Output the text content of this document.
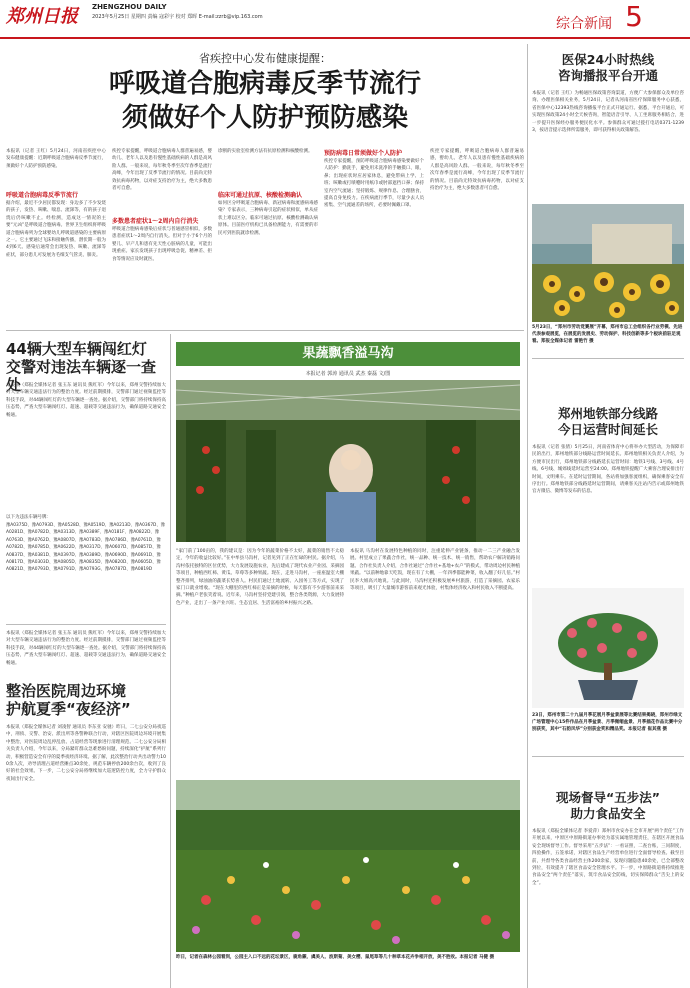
郑州日报 ZHENGZHOU DAILY
2023年5月25日 星期四 责编 寇彩宇 校对 郑晖 E-mail:zzrb@vip.163.com	综合新闻 5
省疾控中心发布健康提醒：
呼吸道合胞病毒反季节流行
须做好个人防护预防感染
本报讯（记者 王红）5月24日，河南省疾控中心发布健康提醒：近期呼吸道合胞病毒反季节流行，须做好个人防护预防感染。
呼吸道合胞病毒反季节流行
据介绍，最近不少居民都发现：身边多了不少发烧的孩子，发热、咳嗽、喘息、流涕等，有的孩子退烧后仍咳嗽不止。经检测，造成这一情况的主要“元凶”是呼吸道合胞病毒。世界卫生组织将呼吸道合胞病毒列为全球婴幼儿呼吸道感染的主要病原之一。它主要通过飞沫和接触传播，潜伏期一般为4到6天。感染后通常会出现发热、咳嗽、流涕等症状，部分患儿可发展为毛细支气管炎、肺炎。
疾控专家提醒，呼吸道合胞病毒人群普遍易感，婴幼儿、老年人以及患有慢性基础疾病的人群是高风险人群。一般来说，每年秋冬季至次年春季是流行高峰，今年出现了反季节流行的情况。目前尚无特效抗病毒药物，以对症支持治疗为主，绝大多数患者可自愈。
多数患者症状1～2周内自行消失
呼吸道合胞病毒感染后症状与普通感冒相似，多数患者症状1～2周内自行消失。但对于小于6个月的婴儿、早产儿和患有先天性心脏病的儿童，可能出现重症。家长发现孩子出现呼吸急促、精神差、拒食等情况应及时就医。
诊断的实验室检测方法有抗原检测和核酸检测。
临床可通过抗原、核酸检测确认
如何区分呼吸道合胞病毒、新冠病毒和流感病毒感染？专家表示，三种病毒引起的症状相似，单从症状上难以区分。临床可通过抗原、核酸检测确认病原体。目前医疗机构已具备检测能力，有需要的市民可到医院就诊检测。
预防病毒日常须做好个人防护
疾控专家提醒，预防呼吸道合胞病毒感染要做好个人防护：勤洗手，避免用未洗净的手触摸口、眼、鼻；出现症状时应居家休息，避免带病上学、上班；咳嗽或打喷嚏时用纸巾或肘部遮挡口鼻；保持室内空气流通；坚持锻炼、规律作息、合理膳食，提高自身免疫力。在疾病流行季节，尽量少去人员密集、空气流通差的场所，必要时佩戴口罩。
疾控专家提醒，呼吸道合胞病毒人群普遍易感，婴幼儿、老年人以及患有慢性基础疾病的人群是高风险人群。一般来说，每年秋冬季至次年春季是流行高峰，今年出现了反季节流行的情况。目前尚无特效抗病毒药物，以对症支持治疗为主，绝大多数患者可自愈。
医保24小时热线
咨询播报平台开通
本报讯（记者 王红）为畅通医保政策咨询渠道，方便广大参保群众及单位咨询、办理医保相关业务，5月24日，记者从河南省医疗保障服务中心获悉，省医保中心12393热线咨询播报平台正式开通运行。据悉，平台开通后，可实现医保政策24小时全天候咨询，智能语音引导、人工坐席服务相结合，进一步提升医保经办服务便民化水平。参保群众可通过拨打电话0371-12393，按语音提示选择所需服务，即可获得相关政策解答。
5月23日，“郑州市劳动竞赛展”开幕，郑州市总工会组织各行业劳模、先进代表参观展览，在展览的发展史、劳动保护、科技创新等多个板块前驻足观看。郑报全媒体记者 雷艳竹 摄
44辆大型车辆闯红灯
交警对违法车辆逐一查处
本报讯（郑报全媒体记者 张玉东 通讯员 熊红军）今年以来，郑州交警持续加大对大型车辆交通违法行为的整治力度。经过前期摸排，交警部门通过视频监控等科技手段，对44辆闯红灯的大型车辆逐一查处。据介绍，交警部门将持续保持高压态势，严查大型车辆闯红灯、超速、超载等交通违法行为，确保道路交通安全畅通。
以下为违法车辆号牌：
豫A0375D、豫A0793D、豫A0528D、豫A0519D、豫A0213D、豫A0367D、豫A0281D、豫A0782D、豫A0313D、豫A0389F、豫A0181F、豫A0822D、豫A0763D、豫A0762D、豫A0807D、豫A0783D、豫A0786D、豫A0761D、豫A0782D、豫A0785D、豫A0622D、豫A0317D、豫A0607D、豫A0857D、豫A0837D、豫A0381D、豫A0397D、豫A0389D、豫A0690D、豫A0691D、豫A0817D、豫A0303D、豫A0805D、豫A0835D、豫A0820D、豫A0605D、豫A0821D、豫A0793D、豫A0791D、豫A0793G、豫A0787D、豫A0819D
果蔬飘香溢马沟
本报记者 郭涛 通讯员 武杰 秦磊 文/图
“家门前了100亩的，我的建议是：因为今年的蔬菜价格不太好，蔬菜的销售不太稳定，今年的收益比较好。”在中牟县马沟村，记者见到了正在忙碌的村民。据介绍，马沟村依托独特的区位优势，大力发展设施农业，先后建成了现代农业产业园、采摘园等项目，种植西红柿、黄瓜、草莓等多种果蔬。现在，走进马沟村，一座座温室大棚整齐排列，绿油油的蔬菜长势喜人。村民们通过土地流转、入园务工等方式，实现了家门口就业增收。“现在大棚里的西红柿正是采摘的时候，每天都有不少游客前来采摘。”种植户老张笑着说。近年来，马沟村坚持党建引领，整合各类资源，大力发展特色产业，走出了一条产业兴旺、生态宜居、生活富裕的乡村振兴之路。
本报讯 马沟村在发展特色种植的同时，注重延伸产业链条，推动一二三产业融合发展。村里成立了果蔬合作社，统一品种、统一技术、统一销售，帮助农户解决销路问题。合作社负责人介绍，合作社通过“合作社+基地+农户”的模式，带动周边村民种植果蔬。“以前种地靠天吃饭，现在有了大棚，一年四季都能种菜，收入翻了好几倍。”村民李大姐高兴地说。与此同时，马沟村还积极发展乡村旅游，打造了采摘园、农家乐等项目，吸引了大量城市游客前来观光体验，村集体经济收入和村民收入不断提高。
昨日，记者在森林公园看到，公园主入口不远的花坛景区，鹿角蕨、虞美人、波斯菊、美女樱、鼠尾草等几十种草本花卉争相开放，美不胜收。本报记者 马健 摄
整治医院周边环境
护航夏季“夜经济”
本报讯（郑报全媒体记者 刘凌智 通讯员 李东亚 安驰）昨日，二七公安分局夜巡中，刑侦、交警、治安、派出所等各警种联合行动，对辖区医院周边环境开展集中整治，对医院周边乱停乱放、占道经营等现象进行清理规范。二七公安分局相关负责人介绍，今年以来，分局紧盯群众急难愁盼问题，持续深化“护航”系列行动，积极营造安全有序的夏季夜经济环境。据了解，此次整治行动共出动警力100余人次，劝导清理占道经营摊点30余处，规范车辆停放200余台次，收到了良好的社会效果。下一步，二七公安分局将继续加大巡逻防控力度，全力守护群众夜间出行安全。
本报讯（郑报全媒体记者 张玉东 通讯员 熊红军）今年以来，郑州交警持续加大对大型车辆交通违法行为的整治力度。经过前期摸排，交警部门通过视频监控等科技手段，对44辆闯红灯的大型车辆逐一查处。据介绍，交警部门将持续保持高压态势，严查大型车辆闯红灯、超速、超载等交通违法行为，确保道路交通安全畅通。
郑州地铁部分线路
今日运营时间延长
本报讯（记者 张倩）5月25日，河南省体育中心将举办大型活动，为保障市民的出行，郑州地铁部分线路运营时间延长。郑州地铁相关负责人介绍，为方便市民出行，郑州地铁部分线路延长运营时间：地铁1号线、3号线、4号线、6号线、城郊线延时运营至24:00。郑州地铁提醒广大乘客合理安排出行时间，文明乘车。在延时运营期间，各站将加强客流组织，确保乘客安全有序出行。郑州地铁部分线路延时运营期间，请乘客关注站内告示或郑州地铁官方微信、微博等发布的信息。
23日，郑州市第二十九届月季花展月季盆景展等比赛结果揭晓，郑州市绿文广场管理中心15件作品在月季盆景、月季微缩盆景、月季插花作品比赛中分别获奖，其中“石韵风华”分别获金奖和精品奖。本报记者 崔其燕 摄
现场督导“五步法”
助力食品安全
本报讯（郑报全媒体记者 李爱萍）郑州市食安办在全市开展“两个责任”工作开展以来，中原区中原路街道办事处为落实属地管理责任，在辖区开展食品安全现场督导工作。督导采用“五步法”：一看证照，二查台账，三问制度，四验操作，五签承诺，对辖区食品生产经营单位进行全面督导检查。截至目前，共督导各类食品经营主体200余家，发现问题隐患40余处，已全部整改到位，有效提升了辖区食品安全管理水平。下一步，中原路街道将持续推进食品安全“两个责任”落实，筑牢食品安全防线，切实保障群众“舌尖上的安全”。
